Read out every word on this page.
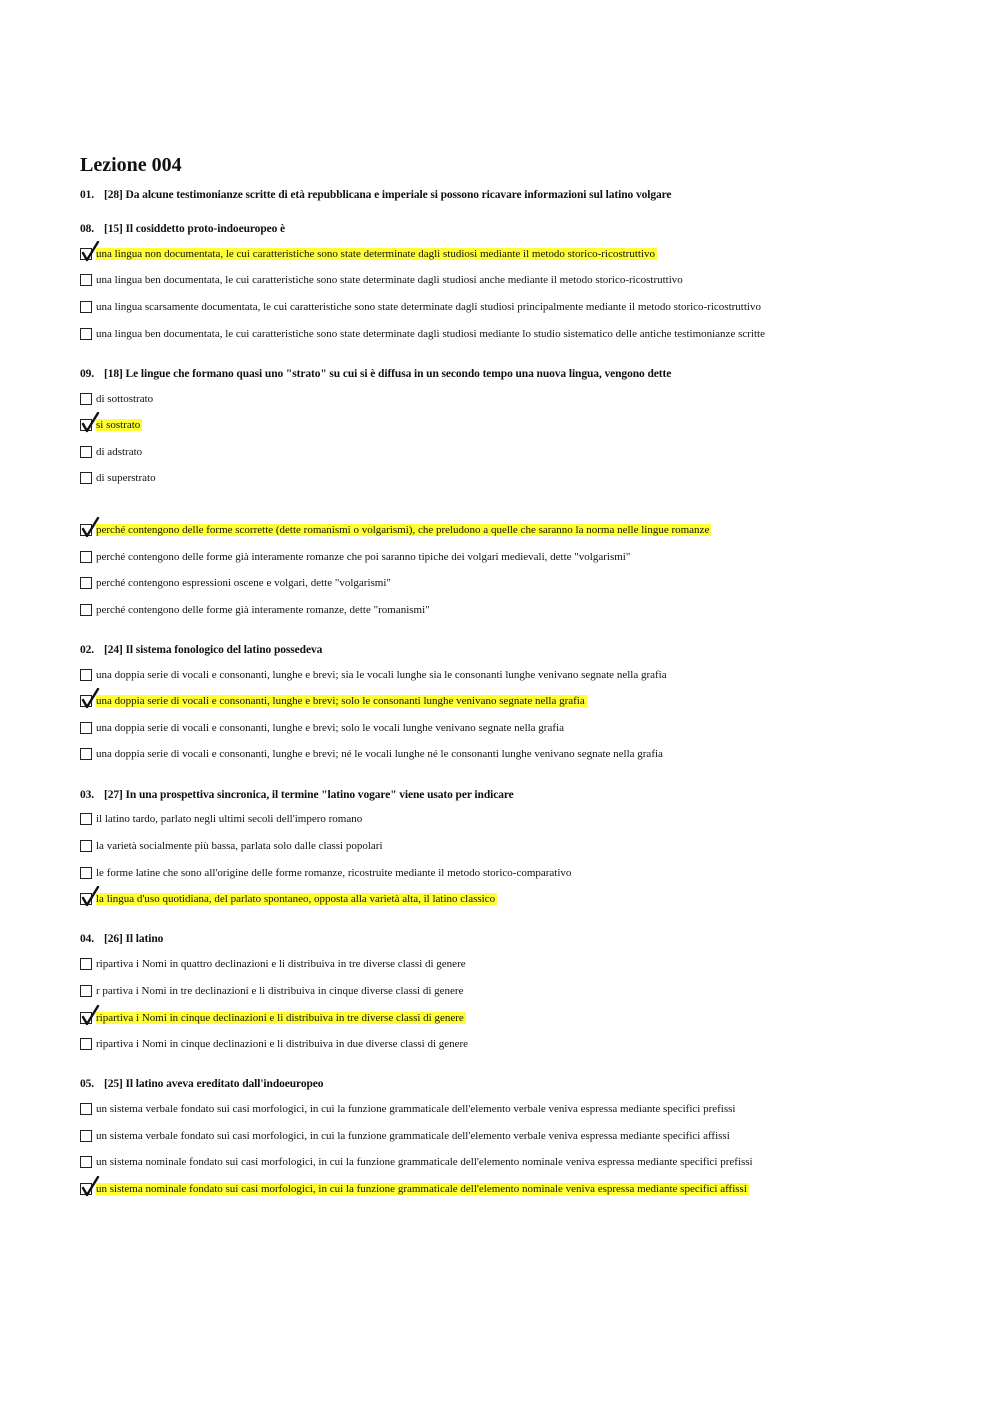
Lezione 004
01. [28] Da alcune testimonianze scritte di età repubblicana e imperiale si possono ricavare informazioni sul latino volgare
perché contengono delle forme scorrette (dette romanismi o volgarismi), che preludono a quelle che saranno la norma nelle lingue romanze
perché contengono delle forme già interamente romanze che poi saranno tipiche dei volgari medievali, dette "volgarismi"
perché contengono espressioni oscene e volgari, dette "volgarismi"
perché contengono delle forme già interamente romanze, dette "romanismi"
08. [15] Il cosiddetto proto-indoeuropeo è
una lingua non documentata, le cui caratteristiche sono state determinate dagli studiosi mediante il metodo storico-ricostruttivo
una lingua ben documentata, le cui caratteristiche sono state determinate dagli studiosi anche mediante il metodo storico-ricostruttivo
una lingua scarsamente documentata, le cui caratteristiche sono state determinate dagli studiosi principalmente mediante il metodo storico-ricostruttivo
una lingua ben documentata, le cui caratteristiche sono state determinate dagli studiosi mediante lo studio sistematico delle antiche testimonianze scritte
09. [18] Le lingue che formano quasi uno "strato" su cui si è diffusa in un secondo tempo una nuova lingua, vengono dette
di sottostrato
si sostrato
di adstrato
di superstrato
02. [24] Il sistema fonologico del latino possedeva
una doppia serie di vocali e consonanti, lunghe e brevi; sia le vocali lunghe sia le consonanti lunghe venivano segnate nella grafia
una doppia serie di vocali e consonanti, lunghe e brevi; solo le consonanti lunghe venivano segnate nella grafia
una doppia serie di vocali e consonanti, lunghe e brevi; solo le vocali lunghe venivano segnate nella grafia
una doppia serie di vocali e consonanti, lunghe e brevi; né le vocali lunghe né le consonanti lunghe venivano segnate nella grafia
03. [27] In una prospettiva sincronica, il termine "latino vogare" viene usato per indicare
il latino tardo, parlato negli ultimi secoli dell'impero romano
la varietà socialmente più bassa, parlata solo dalle classi popolari
le forme latine che sono all'origine delle forme romanze, ricostruite mediante il metodo storico-comparativo
la lingua d'uso quotidiana, del parlato spontaneo, opposta alla varietà alta, il latino classico
04. [26] Il latino
ripartiva i Nomi in quattro declinazioni e li distribuiva in tre diverse classi di genere
r partiva i Nomi in tre declinazioni e li distribuiva in cinque diverse classi di genere
ripartiva i Nomi in cinque declinazioni e li distribuiva in tre diverse classi di genere
ripartiva i Nomi in cinque declinazioni e li distribuiva in due diverse classi di genere
05. [25] Il latino aveva ereditato dall'indoeuropeo
un sistema verbale fondato sui casi morfologici, in cui la funzione grammaticale dell'elemento verbale veniva espressa mediante specifici prefissi
un sistema verbale fondato sui casi morfologici, in cui la funzione grammaticale dell'elemento verbale veniva espressa mediante specifici affissi
un sistema nominale fondato sui casi morfologici, in cui la funzione grammaticale dell'elemento nominale veniva espressa mediante specifici prefissi
un sistema nominale fondato sui casi morfologici, in cui la funzione grammaticale dell'elemento nominale veniva espressa mediante specifici affissi
